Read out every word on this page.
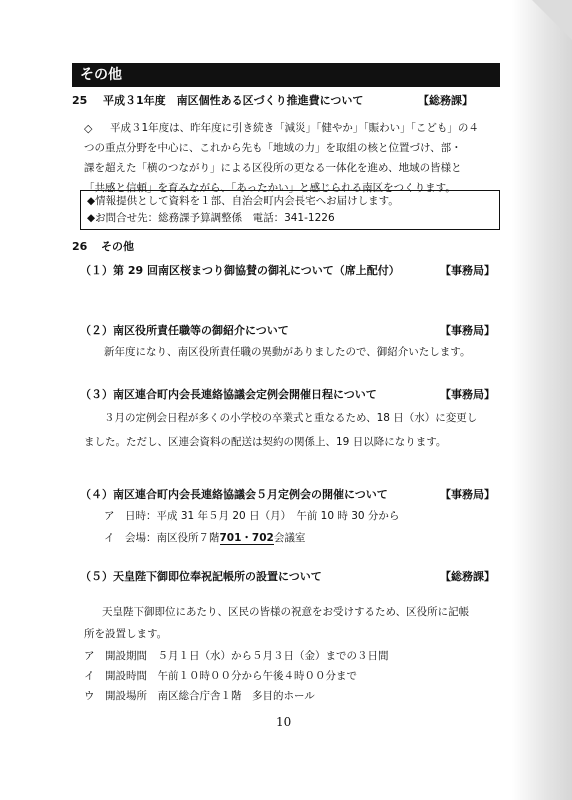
その他
25 平成３1年度　南区個性ある区づくり推進費について	【総務課】
◇	平成３1年度は、昨年度に引き続き「減災」「健やか」「賑わい」「こども」の４
つの重点分野を中心に、これから先も「地域の力」を取組の核と位置づけ、部・
課を超えた「横のつながり」による区役所の更なる一体化を進め、地域の皆様と
「共感と信頼」を育みながら、「あったかい」と感じられる南区をつくります。
◆情報提供として資料を１部、自治会町内会長宅へお届けします。
◆お問合せ先：総務課予算調整係　電話：341-1226
26 その他
（１）第 29 回南区桜まつり御協賛の御礼について（席上配付）	【事務局】
（２）南区役所責任職等の御紹介について	【事務局】
新年度になり、南区役所責任職の異動がありましたので、御紹介いたします。
（３）南区連合町内会長連絡協議会定例会開催日程について	【事務局】
３月の定例会日程が多くの小学校の卒業式と重なるため、18 日（水）に変更し
ました。ただし、区連会資料の配送は契約の関係上、19 日以降になります。
（４）南区連合町内会長連絡協議会５月定例会の開催について	【事務局】
ア　日時：平成 31 年５月 20 日（月）　午前 10 時 30 分から
イ　会場：南区役所７階701・702会議室
（５）天皇陛下御即位奉祝記帳所の設置について	【総務課】
天皇陛下御即位にあたり、区民の皆様の祝意をお受けするため、区役所に記帳
所を設置します。
ア　開設期間　５月１日（水）から５月３日（金）までの３日間
イ　開設時間　午前１０時００分から午後４時００分まで
ウ　開設場所　南区総合庁舎１階　多目的ホール
10
